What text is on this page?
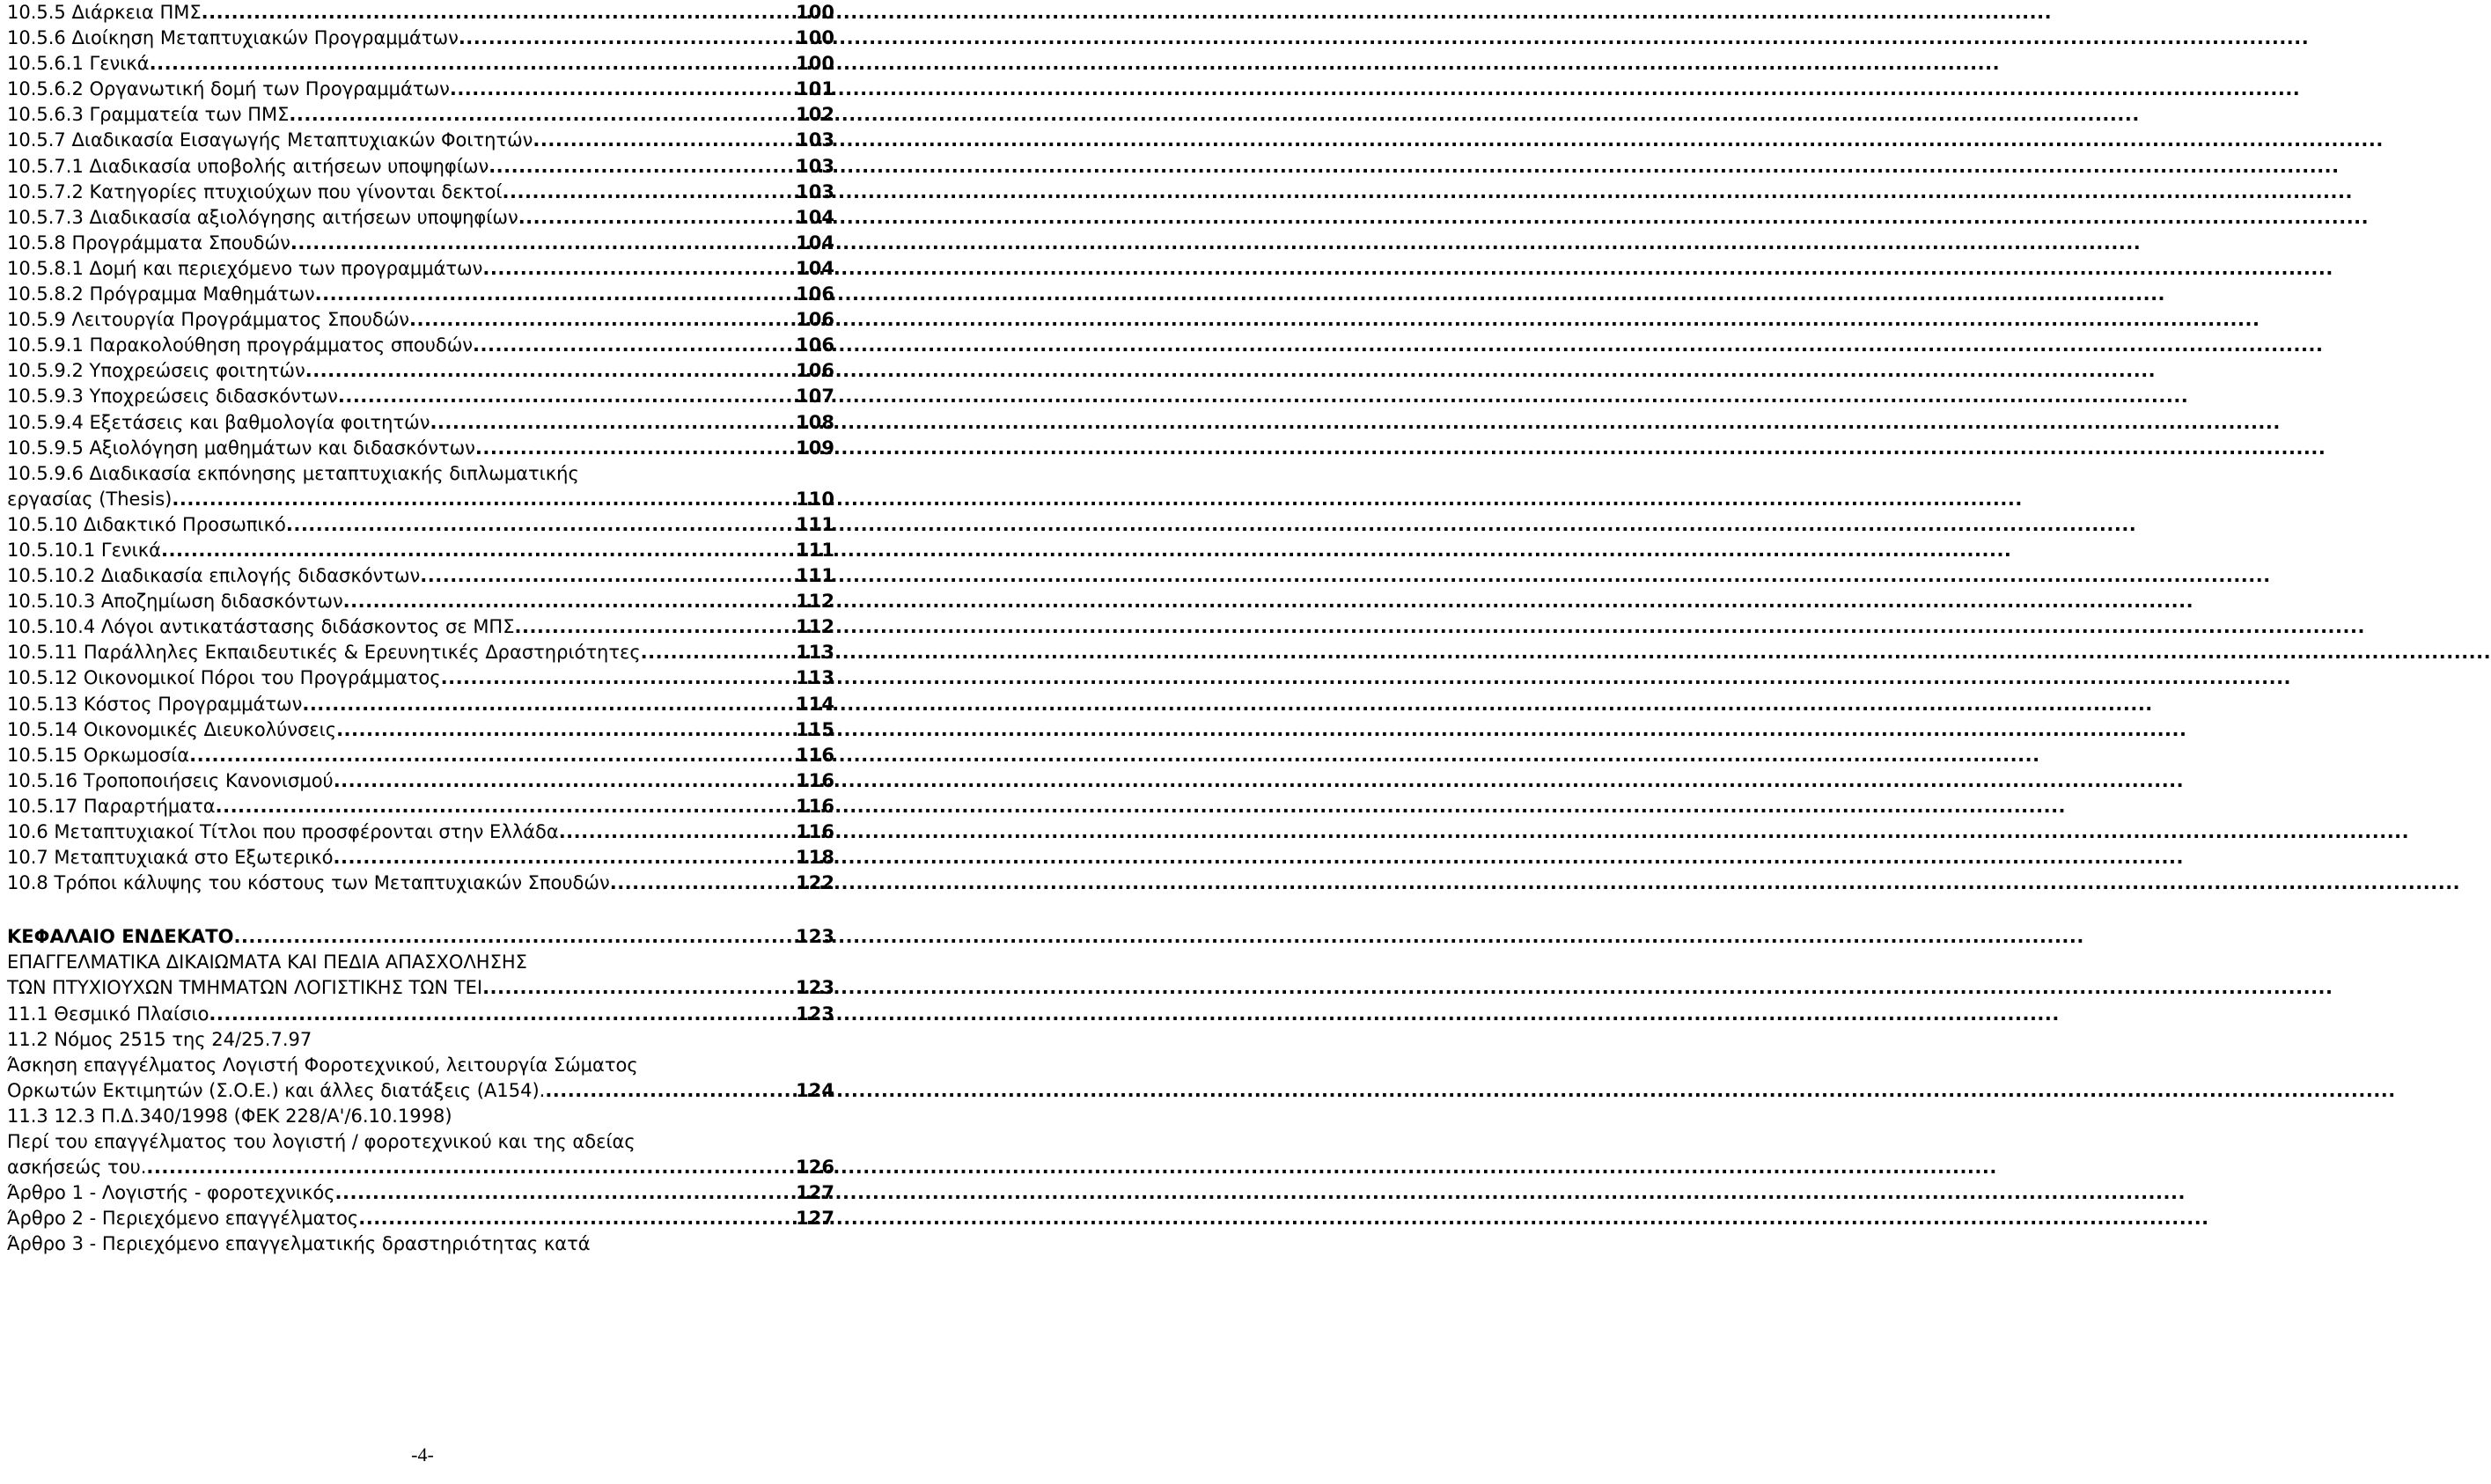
10.5.5 Διάρκεια ΠΜΣ .....	100
10.5.6 Διοίκηση Μεταπτυχιακών Προγραμμάτων .....	100
10.5.6.1 Γενικά .....	100
10.5.6.2 Οργανωτική δομή των Προγραμμάτων .....	101
10.5.6.3 Γραμματεία των ΠΜΣ .....	102
10.5.7 Διαδικασία Εισαγωγής Μεταπτυχιακών Φοιτητών .....	103
10.5.7.1 Διαδικασία υποβολής αιτήσεων υποψηφίων .....	103
10.5.7.2 Κατηγορίες πτυχιούχων που γίνονται δεκτοί .....	103
10.5.7.3 Διαδικασία αξιολόγησης αιτήσεων υποψηφίων .....	104
10.5.8 Προγράμματα Σπουδών .....	104
10.5.8.1 Δομή και περιεχόμενο των προγραμμάτων .....	104
10.5.8.2 Πρόγραμμα Μαθημάτων .....	106
10.5.9 Λειτουργία Προγράμματος Σπουδών .....	106
10.5.9.1 Παρακολούθηση προγράμματος σπουδών .....	106
10.5.9.2 Υποχρεώσεις φοιτητών .....	106
10.5.9.3 Υποχρεώσεις διδασκόντων .....	107
10.5.9.4 Εξετάσεις και βαθμολογία φοιτητών .....	108
10.5.9.5 Αξιολόγηση μαθημάτων και διδασκόντων .....	109
10.5.9.6 Διαδικασία εκπόνησης μεταπτυχιακής διπλωματικής
εργασίας (Thesis) .....	110
10.5.10 Διδακτικό Προσωπικό .....	111
10.5.10.1 Γενικά .....	111
10.5.10.2 Διαδικασία επιλογής διδασκόντων .....	111
10.5.10.3 Αποζημίωση διδασκόντων .....	112
10.5.10.4 Λόγοι αντικατάστασης διδάσκοντος σε ΜΠΣ .....	112
10.5.11 Παράλληλες Εκπαιδευτικές & Ερευνητικές Δραστηριότητες .....	113
10.5.12 Οικονομικοί Πόροι του Προγράμματος .....	113
10.5.13 Κόστος Προγραμμάτων .....	114
10.5.14 Οικονομικές Διευκολύνσεις .....	115
10.5.15 Ορκωμοσία .....	116
10.5.16 Τροποποιήσεις Κανονισμού .....	116
10.5.17 Παραρτήματα .....	116
10.6 Μεταπτυχιακοί Τίτλοι που προσφέρονται στην Ελλάδα .....	116
10.7 Μεταπτυχιακά στο Εξωτερικό .....	118
10.8 Τρόποι κάλυψης του κόστους των Μεταπτυχιακών Σπουδών .....	122
ΚΕΦΑΛΑΙΟ ΕΝΔΕΚΑΤΟ .....	123
ΕΠΑΓΓΕΛΜΑΤΙΚΑ ΔΙΚΑΙΩΜΑΤΑ ΚΑΙ ΠΕΔΙΑ ΑΠΑΣΧΟΛΗΣΗΣ
ΤΩΝ ΠΤΥΧΙΟΥΧΩΝ ΤΜΗΜΑΤΩΝ ΛΟΓΙΣΤΙΚΗΣ ΤΩΝ ΤΕΙ .....	123
11.1 Θεσμικό Πλαίσιο .....	123
11.2 Νόμος 2515 της 24/25.7.97
Άσκηση επαγγέλματος Λογιστή Φοροτεχνικού, λειτουργία Σώματος
Ορκωτών Εκτιμητών (Σ.Ο.Ε.) και άλλες διατάξεις (Α154). .....	124
11.3 12.3 Π.Δ.340/1998 (ΦΕΚ 228/Α'/6.10.1998)
Περί του επαγγέλματος του λογιστή / φοροτεχνικού και της αδείας
ασκήσεώς του. .....	126
Άρθρο 1 - Λογιστής - φοροτεχνικός .....	127
Άρθρο 2 - Περιεχόμενο επαγγέλματος .....	127
Άρθρο 3 - Περιεχόμενο επαγγελματικής δραστηριότητας κατά
-4-
